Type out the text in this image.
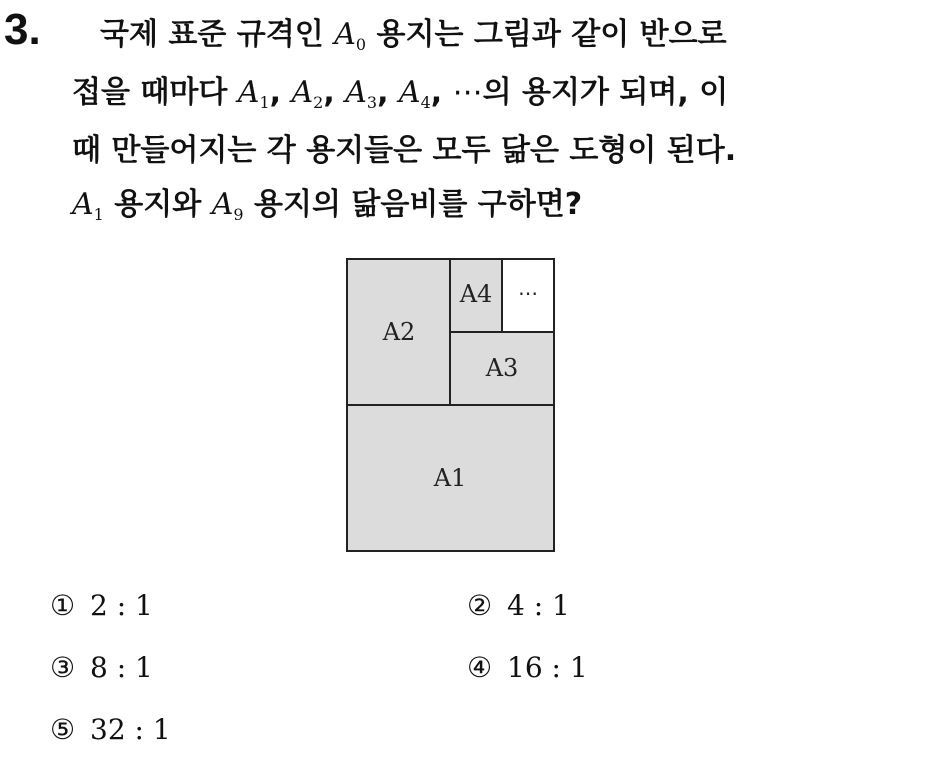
3. 국제 표준 규격인 $A_0$ 용지는 그림과 같이 반으로
접을 때마다 $A_1$, $A_2$, $A_3$, $A_4$, ⋯의 용지가 되며, 이
때 만들어지는 각 용지들은 모두 닮은 도형이 된다.
$A_1$ 용지와 $A_9$ 용지의 닮음비를 구하면?
A1
A2
A3
A4 ⋯
① 2 : 1	② 4 : 1
③ 8 : 1	④ 16 : 1
⑤ 32 : 1
